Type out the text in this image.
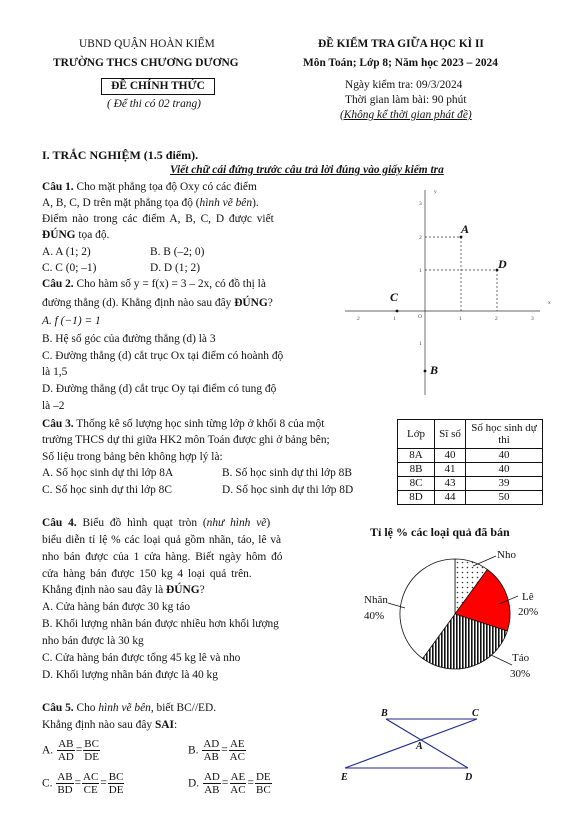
UBND QUẬN HOÀN KIẾM
TRƯỜNG THCS CHƯƠNG DƯƠNG
ĐỀ CHÍNH THỨC
( Để thi có 02 trang)
ĐỀ KIỂM TRA GIỮA HỌC KÌ II
Môn Toán; Lớp 8; Năm học 2023 – 2024
Ngày kiểm tra: 09/3/2024
Thời gian làm bài: 90 phút
(Không kể thời gian phát đề)
I. TRẮC NGHIỆM (1.5 điểm).
Viết chữ cái đứng trước câu trả lời đúng vào giấy kiểm tra
Câu 1. Cho mặt phẳng tọa độ Oxy có các điểm
A, B, C, D trên mặt phẳng tọa độ (hình vẽ bên).
Điểm nào trong các điểm A, B, C, D được viết
ĐÚNG tọa độ.
A. A (1; 2)	B. B (–2; 0)
C. C (0; –1)	D. D (1; 2)
y
x
O
2	1	1	2	3
3
2
1
1
A
D
C
B
Câu 2. Cho hàm số y = f(x) = 3 – 2x, có đồ thị là
đường thẳng (d). Khẳng định nào sau đây ĐÚNG?
A. f (−1) = 1
B. Hệ số góc của đường thẳng (d) là 3
C. Đường thẳng (d) cắt trục Ox tại điểm có hoành độ
là 1,5
D. Đường thẳng (d) cắt trục Oy tại điểm có tung độ
là –2
Câu 3. Thống kê số lượng học sinh từng lớp ở khối 8 của một
trường THCS dự thi giữa HK2 môn Toán được ghi ở bảng bên;
Số liệu trong bảng bên không hợp lý là:
A. Số học sinh dự thi lớp 8A	B. Số học sinh dự thi lớp 8B
C. Số học sinh dự thi lớp 8C	D. Số học sinh dự thi lớp 8D
Lớp	Sĩ số	Số học sinh dự thi
8A	40	40
8B	41	40
8C	43	39
8D	44	50
Câu 4. Biểu đồ hình quạt tròn (như hình vẽ)
biểu diễn tỉ lệ % các loại quả gồm nhãn, táo, lê và
nho bán được của 1 cửa hàng. Biết ngày hôm đó
cửa hàng bán được 150 kg 4 loại quả trên.
Khẳng định nào sau đây là ĐÚNG?
A. Cửa hàng bán được 30 kg táo
B. Khối lượng nhãn bán được nhiều hơn khối lượng
nho bán được là 30 kg
C. Cửa hàng bán được tổng 45 kg lê và nho
D. Khối lượng nhãn bán được là 40 kg
Tỉ lệ % các loại quả đã bán
Nho
Lê
20%
Táo
30%
Nhãn
40%
Câu 5. Cho hình vẽ bên, biết BC//ED.
Khẳng định nào sau đây SAI:
A. $\frac{AB}{AD} = \frac{BC}{DE}$	B. $\frac{AD}{AB} = \frac{AE}{AC}$
C. $\frac{AB}{BD} = \frac{AC}{CE} = \frac{BC}{DE}$	D. $\frac{AD}{AB} = \frac{AE}{AC} = \frac{DE}{BC}$
B	C
A
E	D
